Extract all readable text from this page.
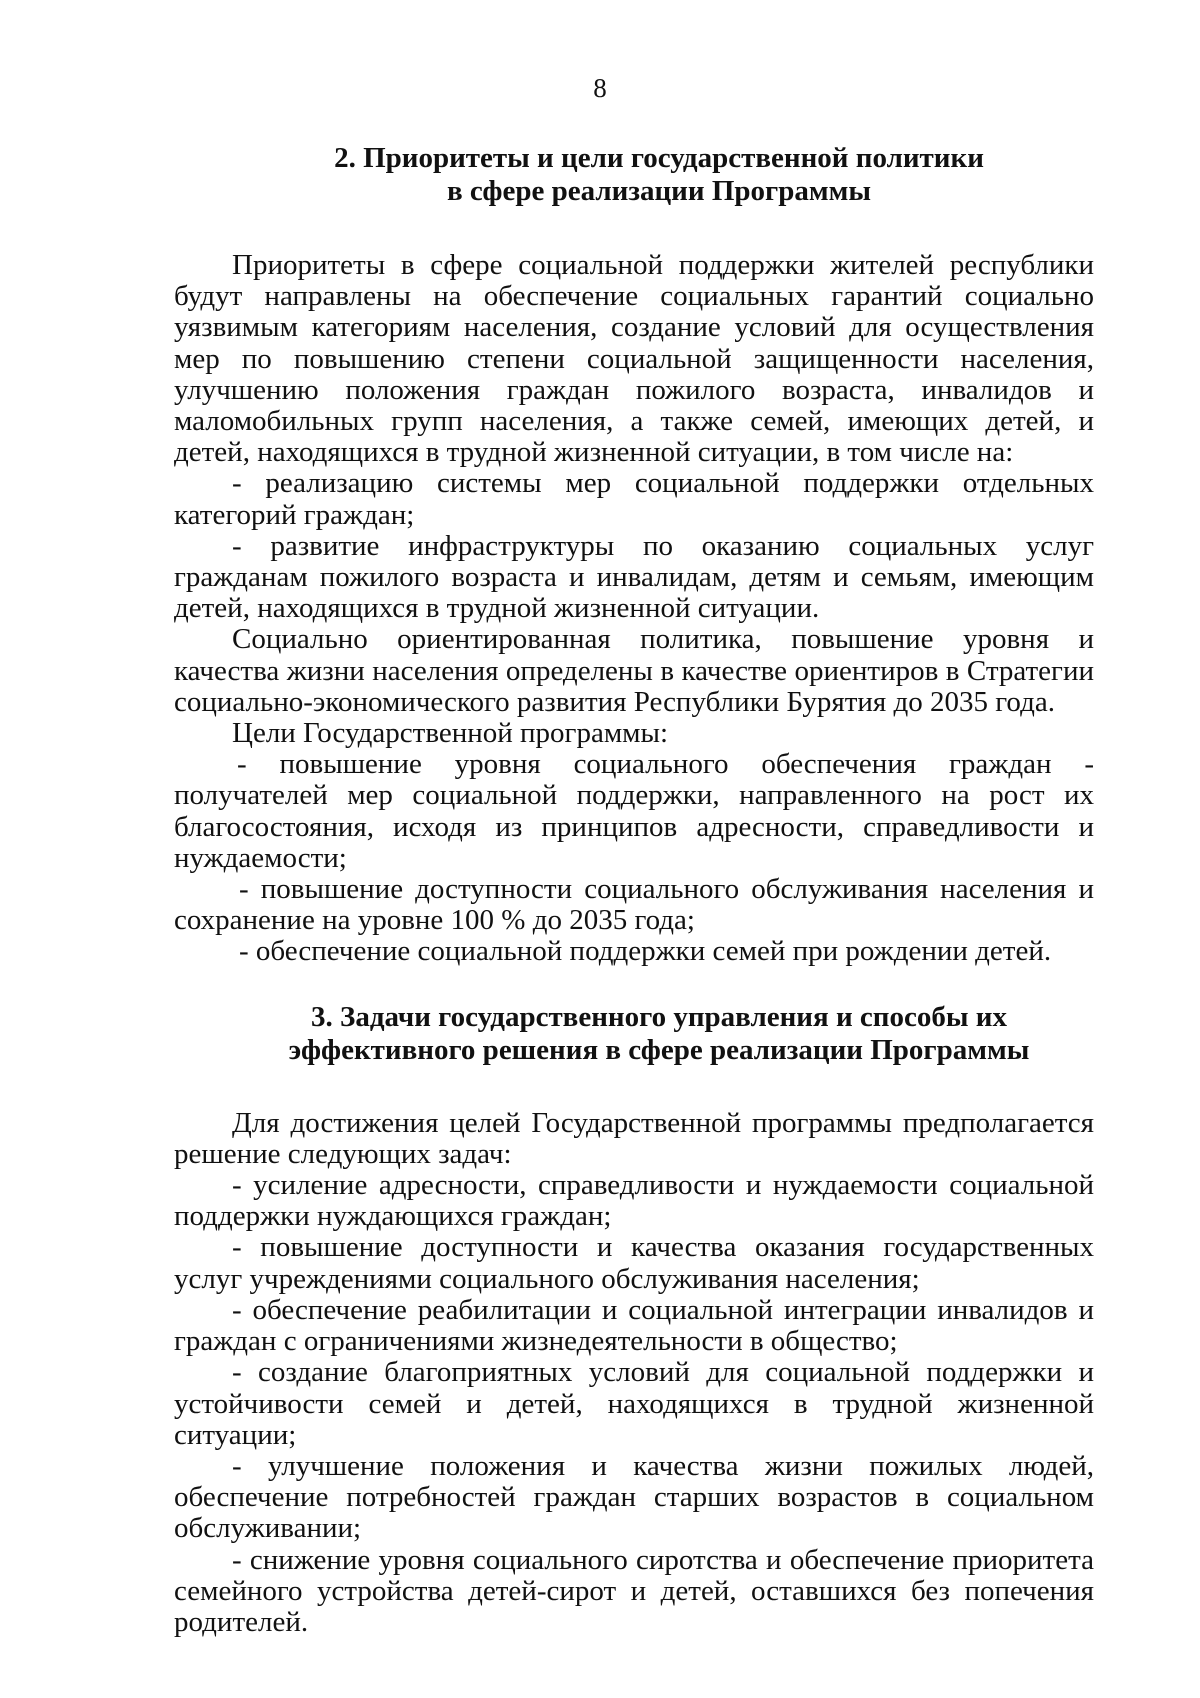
8
2. Приоритеты и цели государственной политики
в сфере реализации Программы

Приоритеты в сфере социальной поддержки жителей республики будут направлены на обеспечение социальных гарантий социально уязвимым категориям населения, создание условий для осуществления мер по повышению степени социальной защищенности населения, улучшению положения граждан пожилого возраста, инвалидов и маломобильных групп населения, а также семей, имеющих детей, и детей, находящихся в трудной жизненной ситуации, в том числе на:

- реализацию системы мер социальной поддержки отдельных категорий граждан;

- развитие инфраструктуры по оказанию социальных услуг гражданам пожилого возраста и инвалидам, детям и семьям, имеющим детей, находящихся в трудной жизненной ситуации.

Социально ориентированная политика, повышение уровня и качества жизни населения определены в качестве ориентиров в Стратегии социально-экономического развития Республики Бурятия до 2035 года.

Цели Государственной программы:

- повышение уровня социального обеспечения граждан - получателей мер социальной поддержки, направленного на рост их благосостояния, исходя из принципов адресности, справедливости и нуждаемости;

- повышение доступности социального обслуживания населения и сохранение на уровне 100 % до 2035 года;

- обеспечение социальной поддержки семей при рождении детей.

3. Задачи государственного управления и способы их
эффективного решения в сфере реализации Программы

Для достижения целей Государственной программы предполагается решение следующих задач:

- усиление адресности, справедливости и нуждаемости социальной поддержки нуждающихся граждан;

- повышение доступности и качества оказания государственных услуг учреждениями социального обслуживания населения;

- обеспечение реабилитации и социальной интеграции инвалидов и граждан с ограничениями жизнедеятельности в общество;

- создание благоприятных условий для социальной поддержки и устойчивости семей и детей, находящихся в трудной жизненной ситуации;

- улучшение положения и качества жизни пожилых людей, обеспечение потребностей граждан старших возрастов в социальном обслуживании;

- снижение уровня социального сиротства и обеспечение приоритета семейного устройства детей-сирот и детей, оставшихся без попечения родителей.
